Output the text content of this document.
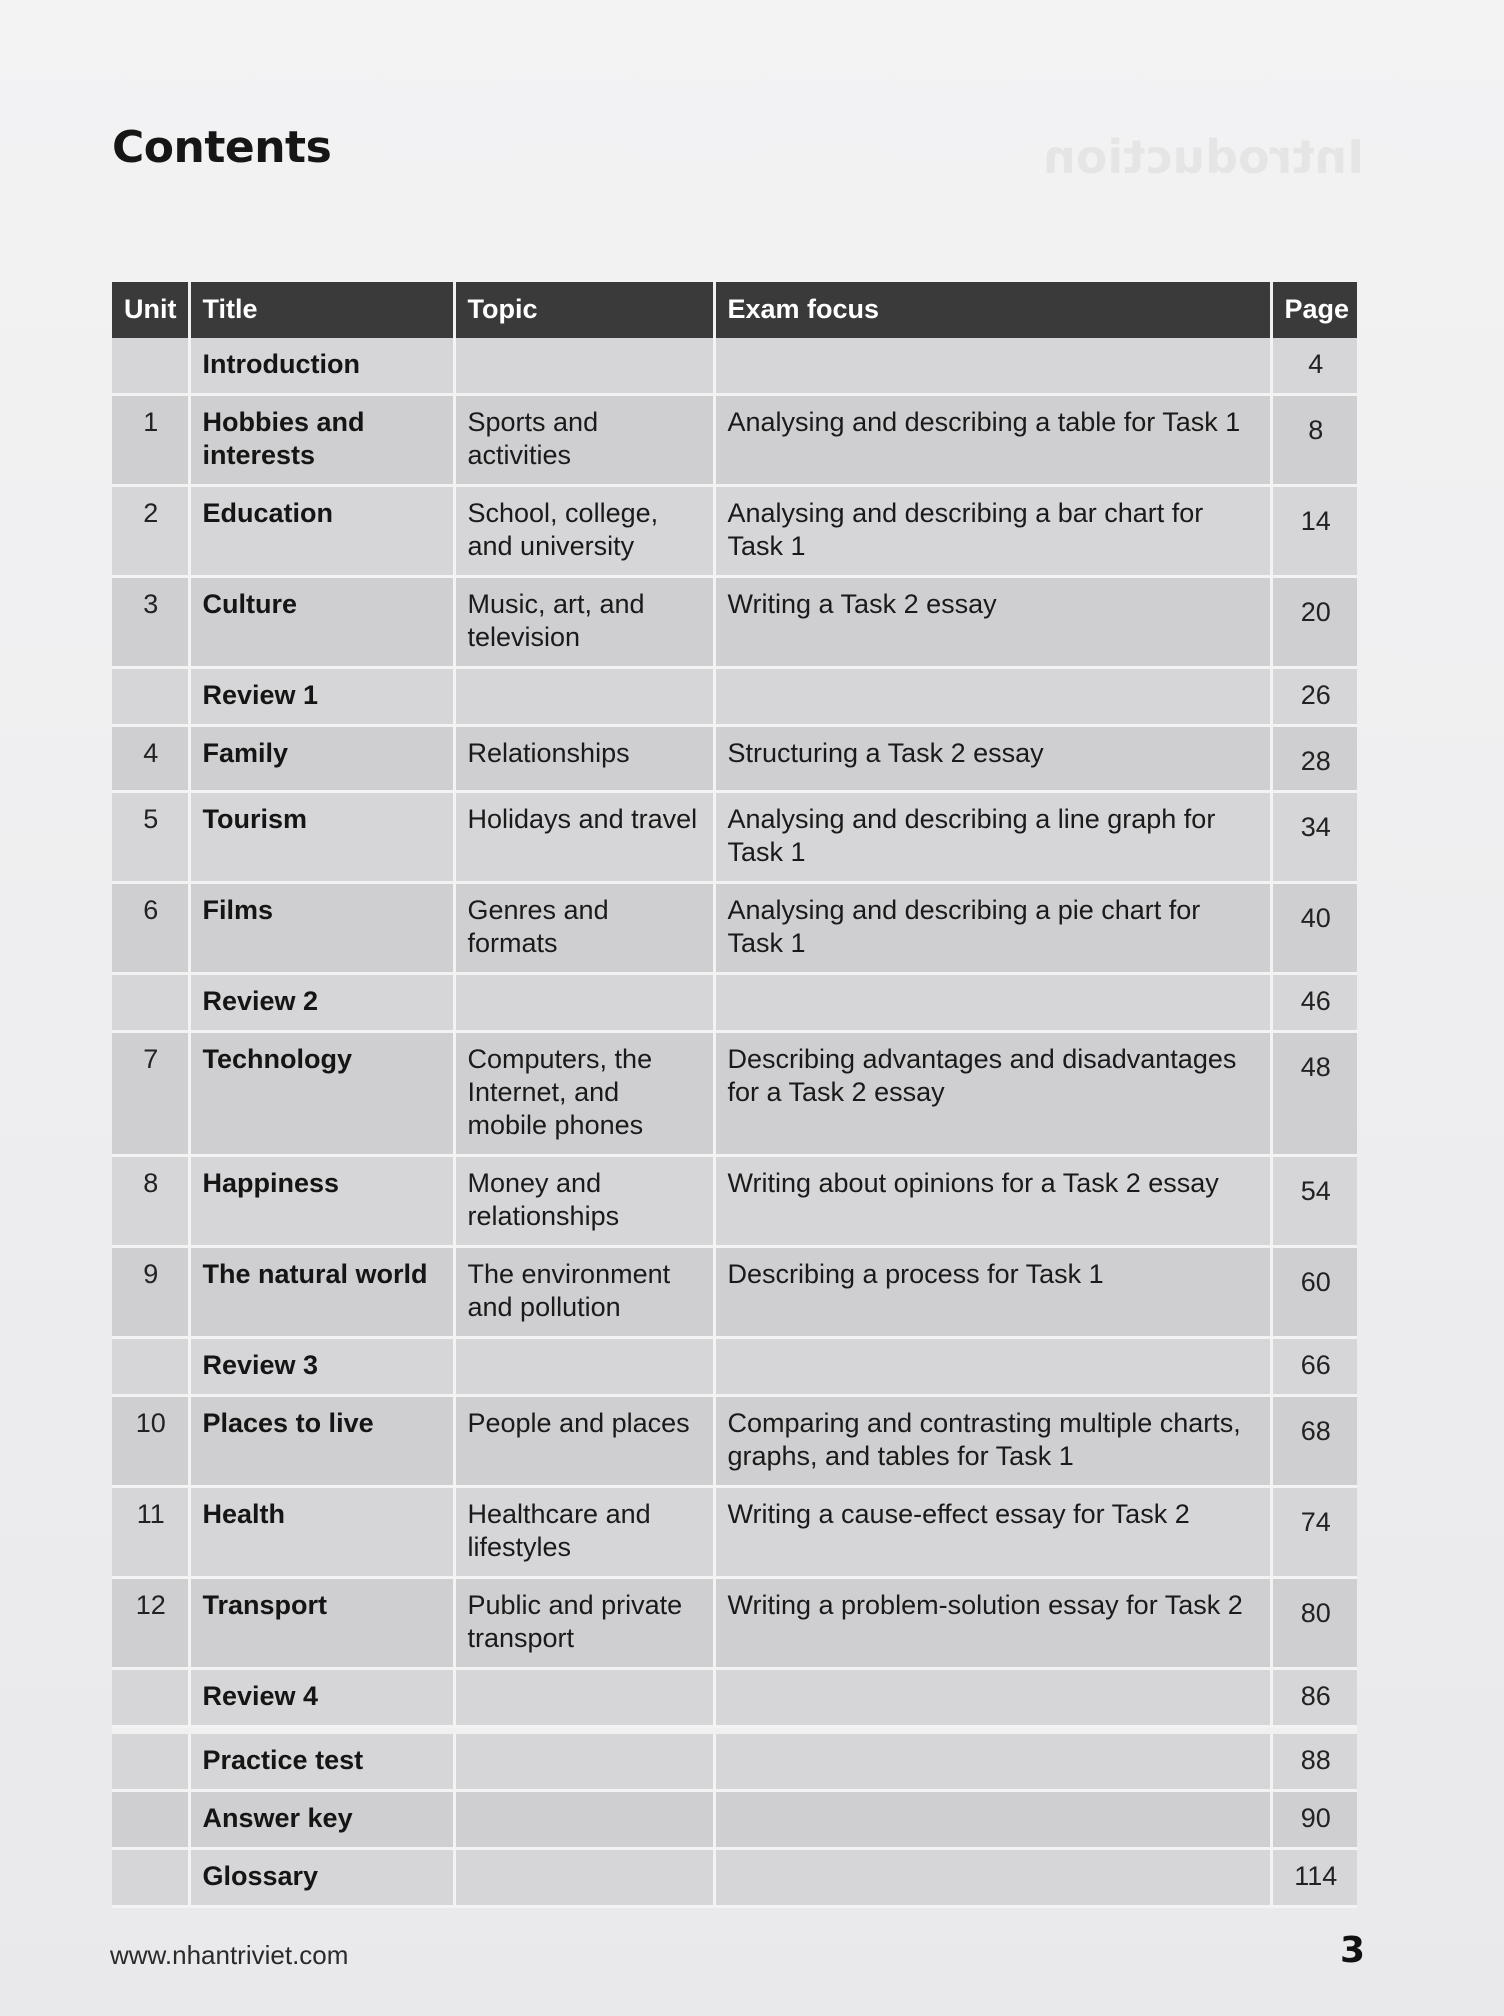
Introduction
Contents
Unit	Title	Topic	Exam focus	Page
	Introduction			4
1	Hobbies and interests	Sports and activities	Analysing and describing a table for Task 1	8
2	Education	School, college, and university	Analysing and describing a bar chart for Task 1	14
3	Culture	Music, art, and television	Writing a Task 2 essay	20
	Review 1			26
4	Family	Relationships	Structuring a Task 2 essay	28
5	Tourism	Holidays and travel	Analysing and describing a line graph for Task 1	34
6	Films	Genres and formats	Analysing and describing a pie chart for Task 1	40
	Review 2			46
7	Technology	Computers, the Internet, and mobile phones	Describing advantages and disadvantages for a Task 2 essay	48
8	Happiness	Money and relationships	Writing about opinions for a Task 2 essay	54
9	The natural world	The environment and pollution	Describing a process for Task 1	60
	Review 3			66
10	Places to live	People and places	Comparing and contrasting multiple charts, graphs, and tables for Task 1	68
11	Health	Healthcare and lifestyles	Writing a cause-effect essay for Task 2	74
12	Transport	Public and private transport	Writing a problem-solution essay for Task 2	80
	Review 4			86

	Practice test			88
	Answer key			90
	Glossary			114
www.nhantriviet.com	3
